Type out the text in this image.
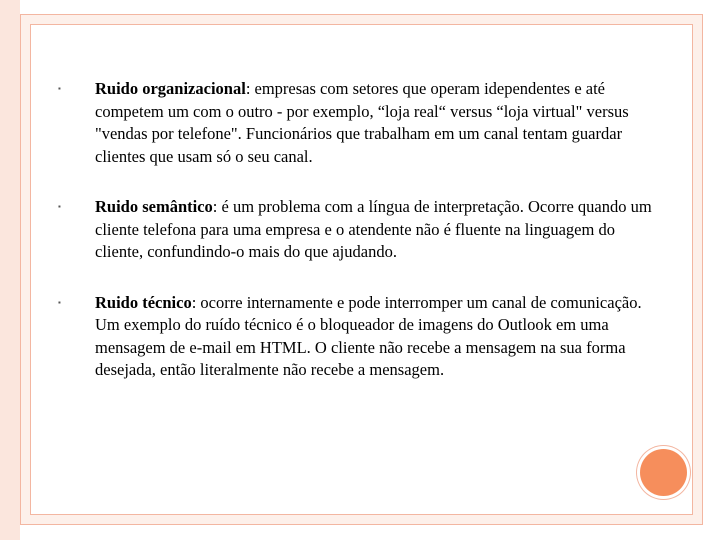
▪	Ruido organizacional: empresas com setores que operam idependentes e até competem um com o outro - por exemplo, “loja real“ versus “loja virtual" versus "vendas por telefone". Funcionários que trabalham em um canal tentam guardar clientes que usam só o seu canal.
▪	Ruido semântico: é um problema com a língua de interpretação. Ocorre quando um cliente telefona para uma empresa e o atendente não é fluente na linguagem do cliente, confundindo-o mais do que ajudando.
▪	Ruido técnico: ocorre internamente e pode interromper um canal de comunicação. Um exemplo do ruído técnico é o bloqueador de imagens do Outlook em uma mensagem de e-mail em HTML. O cliente não recebe a mensagem na sua forma desejada, então literalmente não recebe a mensagem.
